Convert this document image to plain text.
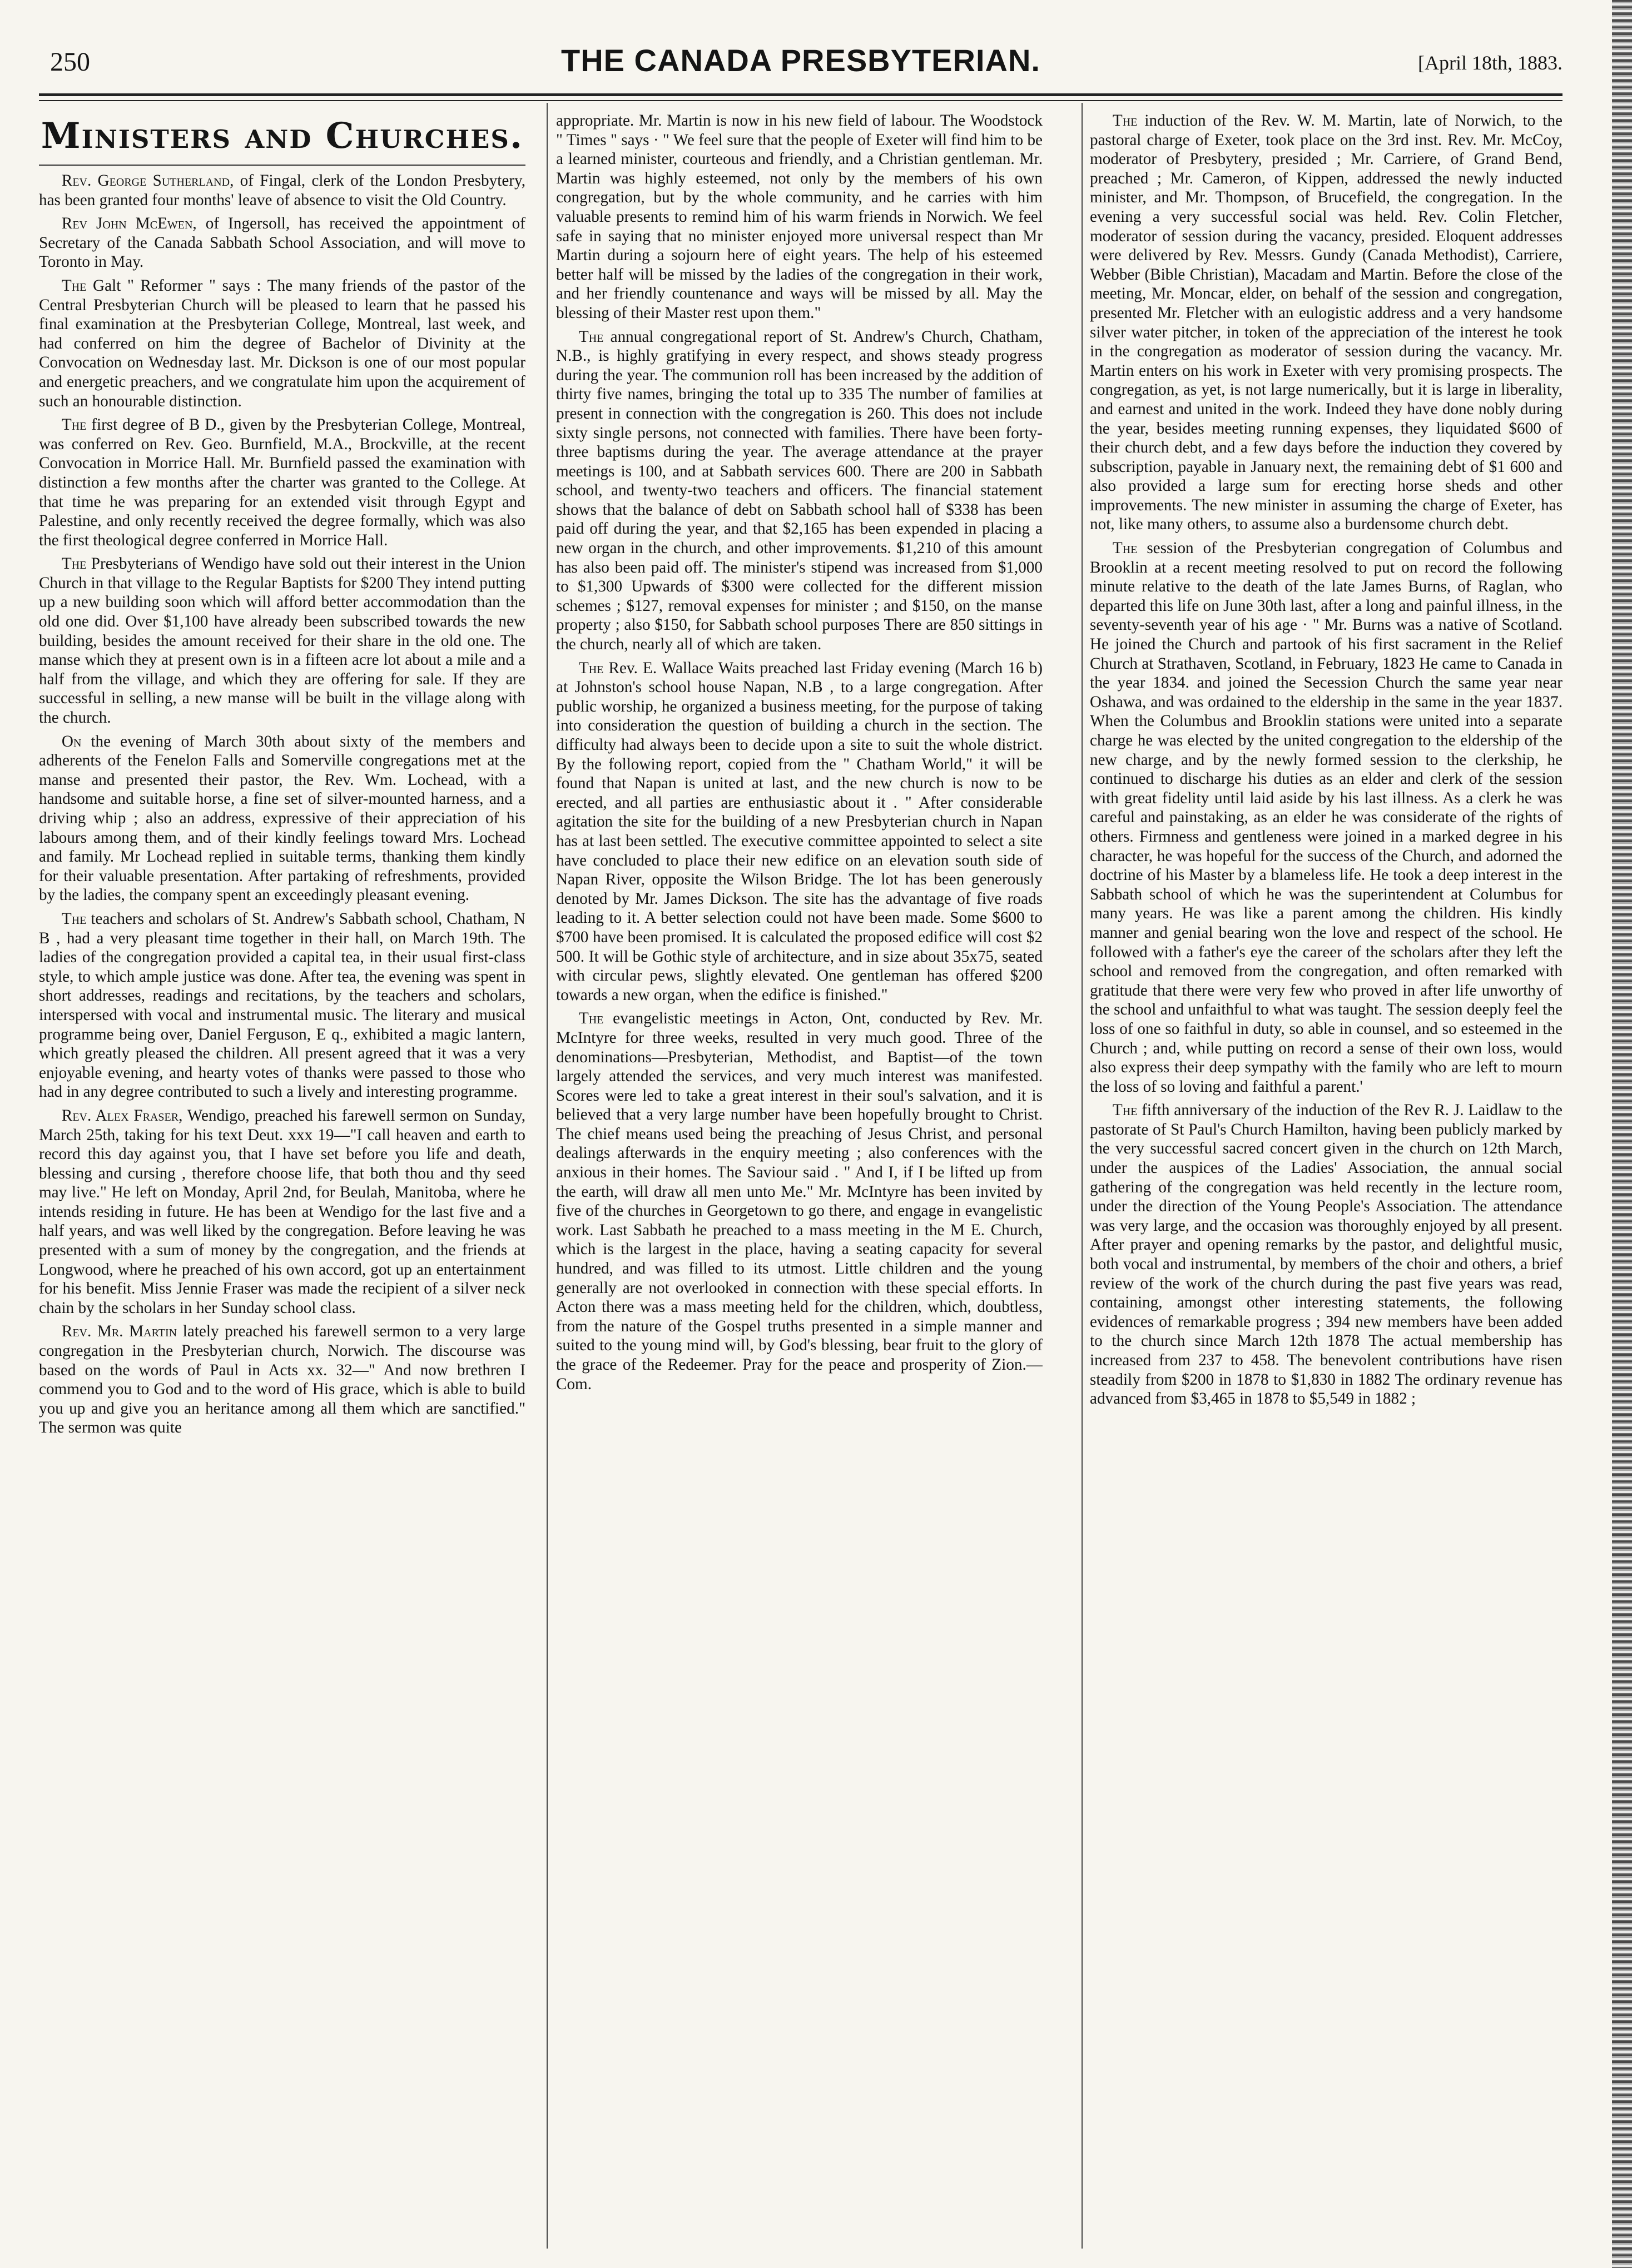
250	THE CANADA PRESBYTERIAN.	[April 18th, 1883.
Ministers and Churches.

Rev. George Sutherland, of Fingal, clerk of the London Presbytery, has been granted four months' leave of absence to visit the Old Country.

Rev John McEwen, of Ingersoll, has received the appointment of Secretary of the Canada Sabbath School Association, and will move to Toronto in May.

The Galt " Reformer " says : The many friends of the pastor of the Central Presbyterian Church will be pleased to learn that he passed his final examination at the Presbyterian College, Montreal, last week, and had conferred on him the degree of Bachelor of Divinity at the Convocation on Wednesday last. Mr. Dickson is one of our most popular and energetic preachers, and we congratulate him upon the acquirement of such an honourable distinction.

The first degree of B D., given by the Presbyterian College, Montreal, was conferred on Rev. Geo. Burnfield, M.A., Brockville, at the recent Convocation in Morrice Hall. Mr. Burnfield passed the examination with distinction a few months after the charter was granted to the College. At that time he was preparing for an extended visit through Egypt and Palestine, and only recently received the degree formally, which was also the first theological degree conferred in Morrice Hall.

The Presbyterians of Wendigo have sold out their interest in the Union Church in that village to the Regular Baptists for $200 They intend putting up a new building soon which will afford better accommodation than the old one did. Over $1,100 have already been subscribed towards the new building, besides the amount received for their share in the old one. The manse which they at present own is in a fifteen acre lot about a mile and a half from the village, and which they are offering for sale. If they are successful in selling, a new manse will be built in the village along with the church.

On the evening of March 30th about sixty of the members and adherents of the Fenelon Falls and Somerville congregations met at the manse and presented their pastor, the Rev. Wm. Lochead, with a handsome and suitable horse, a fine set of silver-mounted harness, and a driving whip ; also an address, expressive of their appreciation of his labours among them, and of their kindly feelings toward Mrs. Lochead and family. Mr Lochead replied in suitable terms, thanking them kindly for their valuable presentation. After partaking of refreshments, provided by the ladies, the company spent an exceedingly pleasant evening.

The teachers and scholars of St. Andrew's Sabbath school, Chatham, N B , had a very pleasant time together in their hall, on March 19th. The ladies of the congregation provided a capital tea, in their usual first-class style, to which ample justice was done. After tea, the evening was spent in short addresses, readings and recitations, by the teachers and scholars, interspersed with vocal and instrumental music. The literary and musical programme being over, Daniel Ferguson, E q., exhibited a magic lantern, which greatly pleased the children. All present agreed that it was a very enjoyable evening, and hearty votes of thanks were passed to those who had in any degree contributed to such a lively and interesting programme.

Rev. Alex Fraser, Wendigo, preached his farewell sermon on Sunday, March 25th, taking for his text Deut. xxx 19—"I call heaven and earth to record this day against you, that I have set before you life and death, blessing and cursing , therefore choose life, that both thou and thy seed may live." He left on Monday, April 2nd, for Beulah, Manitoba, where he intends residing in future. He has been at Wendigo for the last five and a half years, and was well liked by the congregation. Before leaving he was presented with a sum of money by the congregation, and the friends at Longwood, where he preached of his own accord, got up an entertainment for his benefit. Miss Jennie Fraser was made the recipient of a silver neck chain by the scholars in her Sunday school class.

Rev. Mr. Martin lately preached his farewell sermon to a very large congregation in the Presbyterian church, Norwich. The discourse was based on the words of Paul in Acts xx. 32—" And now brethren I commend you to God and to the word of His grace, which is able to build you up and give you an heritance among all them which are sanctified." The sermon was quite

appropriate. Mr. Martin is now in his new field of labour. The Woodstock " Times " says · " We feel sure that the people of Exeter will find him to be a learned minister, courteous and friendly, and a Christian gentleman. Mr. Martin was highly esteemed, not only by the members of his own congregation, but by the whole community, and he carries with him valuable presents to remind him of his warm friends in Norwich. We feel safe in saying that no minister enjoyed more universal respect than Mr Martin during a sojourn here of eight years. The help of his esteemed better half will be missed by the ladies of the congregation in their work, and her friendly countenance and ways will be missed by all. May the blessing of their Master rest upon them."

The annual congregational report of St. Andrew's Church, Chatham, N.B., is highly gratifying in every respect, and shows steady progress during the year. The communion roll has been increased by the addition of thirty five names, bringing the total up to 335 The number of families at present in connection with the congregation is 260. This does not include sixty single persons, not connected with families. There have been forty-three baptisms during the year. The average attendance at the prayer meetings is 100, and at Sabbath services 600. There are 200 in Sabbath school, and twenty-two teachers and officers. The financial statement shows that the balance of debt on Sabbath school hall of $338 has been paid off during the year, and that $2,165 has been expended in placing a new organ in the church, and other improvements. $1,210 of this amount has also been paid off. The minister's stipend was increased from $1,000 to $1,300 Upwards of $300 were collected for the different mission schemes ; $127, removal expenses for minister ; and $150, on the manse property ; also $150, for Sabbath school purposes There are 850 sittings in the church, nearly all of which are taken.

The Rev. E. Wallace Waits preached last Friday evening (March 16 b) at Johnston's school house Napan, N.B , to a large congregation. After public worship, he organized a business meeting, for the purpose of taking into consideration the question of building a church in the section. The difficulty had always been to decide upon a site to suit the whole district. By the following report, copied from the " Chatham World," it will be found that Napan is united at last, and the new church is now to be erected, and all parties are enthusiastic about it . " After considerable agitation the site for the building of a new Presbyterian church in Napan has at last been settled. The executive committee appointed to select a site have concluded to place their new edifice on an elevation south side of Napan River, opposite the Wilson Bridge. The lot has been generously denoted by Mr. James Dickson. The site has the advantage of five roads leading to it. A better selection could not have been made. Some $600 to $700 have been promised. It is calculated the proposed edifice will cost $2 500. It will be Gothic style of architecture, and in size about 35x75, seated with circular pews, slightly elevated. One gentleman has offered $200 towards a new organ, when the edifice is finished."

The evangelistic meetings in Acton, Ont, conducted by Rev. Mr. McIntyre for three weeks, resulted in very much good. Three of the denominations—Presbyterian, Methodist, and Baptist—of the town largely attended the services, and very much interest was manifested. Scores were led to take a great interest in their soul's salvation, and it is believed that a very large number have been hopefully brought to Christ. The chief means used being the preaching of Jesus Christ, and personal dealings afterwards in the enquiry meeting ; also conferences with the anxious in their homes. The Saviour said . " And I, if I be lifted up from the earth, will draw all men unto Me." Mr. McIntyre has been invited by five of the churches in Georgetown to go there, and engage in evangelistic work. Last Sabbath he preached to a mass meeting in the M E. Church, which is the largest in the place, having a seating capacity for several hundred, and was filled to its utmost. Little children and the young generally are not overlooked in connection with these special efforts. In Acton there was a mass meeting held for the children, which, doubtless, from the nature of the Gospel truths presented in a simple manner and suited to the young mind will, by God's blessing, bear fruit to the glory of the grace of the Redeemer. Pray for the peace and prosperity of Zion.—Com.

The induction of the Rev. W. M. Martin, late of Norwich, to the pastoral charge of Exeter, took place on the 3rd inst. Rev. Mr. McCoy, moderator of Presbytery, presided ; Mr. Carriere, of Grand Bend, preached ; Mr. Cameron, of Kippen, addressed the newly inducted minister, and Mr. Thompson, of Brucefield, the congregation. In the evening a very successful social was held. Rev. Colin Fletcher, moderator of session during the vacancy, presided. Eloquent addresses were delivered by Rev. Messrs. Gundy (Canada Methodist), Carriere, Webber (Bible Christian), Macadam and Martin. Before the close of the meeting, Mr. Moncar, elder, on behalf of the session and congregation, presented Mr. Fletcher with an eulogistic address and a very handsome silver water pitcher, in token of the appreciation of the interest he took in the congregation as moderator of session during the vacancy. Mr. Martin enters on his work in Exeter with very promising prospects. The congregation, as yet, is not large numerically, but it is large in liberality, and earnest and united in the work. Indeed they have done nobly during the year, besides meeting running expenses, they liquidated $600 of their church debt, and a few days before the induction they covered by subscription, payable in January next, the remaining debt of $1 600 and also provided a large sum for erecting horse sheds and other improvements. The new minister in assuming the charge of Exeter, has not, like many others, to assume also a burdensome church debt.

The session of the Presbyterian congregation of Columbus and Brooklin at a recent meeting resolved to put on record the following minute relative to the death of the late James Burns, of Raglan, who departed this life on June 30th last, after a long and painful illness, in the seventy-seventh year of his age · " Mr. Burns was a native of Scotland. He joined the Church and partook of his first sacrament in the Relief Church at Strathaven, Scotland, in February, 1823 He came to Canada in the year 1834. and joined the Secession Church the same year near Oshawa, and was ordained to the eldership in the same in the year 1837. When the Columbus and Brooklin stations were united into a separate charge he was elected by the united congregation to the eldership of the new charge, and by the newly formed session to the clerkship, he continued to discharge his duties as an elder and clerk of the session with great fidelity until laid aside by his last illness. As a clerk he was careful and painstaking, as an elder he was considerate of the rights of others. Firmness and gentleness were joined in a marked degree in his character, he was hopeful for the success of the Church, and adorned the doctrine of his Master by a blameless life. He took a deep interest in the Sabbath school of which he was the superintendent at Columbus for many years. He was like a parent among the children. His kindly manner and genial bearing won the love and respect of the school. He followed with a father's eye the career of the scholars after they left the school and removed from the congregation, and often remarked with gratitude that there were very few who proved in after life unworthy of the school and unfaithful to what was taught. The session deeply feel the loss of one so faithful in duty, so able in counsel, and so esteemed in the Church ; and, while putting on record a sense of their own loss, would also express their deep sympathy with the family who are left to mourn the loss of so loving and faithful a parent.'

The fifth anniversary of the induction of the Rev R. J. Laidlaw to the pastorate of St Paul's Church Hamilton, having been publicly marked by the very successful sacred concert given in the church on 12th March, under the auspices of the Ladies' Association, the annual social gathering of the congregation was held recently in the lecture room, under the direction of the Young People's Association. The attendance was very large, and the occasion was thoroughly enjoyed by all present. After prayer and opening remarks by the pastor, and delightful music, both vocal and instrumental, by members of the choir and others, a brief review of the work of the church during the past five years was read, containing, amongst other interesting statements, the following evidences of remarkable progress ; 394 new members have been added to the church since March 12th 1878 The actual membership has increased from 237 to 458. The benevolent contributions have risen steadily from $200 in 1878 to $1,830 in 1882 The ordinary revenue has advanced from $3,465 in 1878 to $5,549 in 1882 ;
